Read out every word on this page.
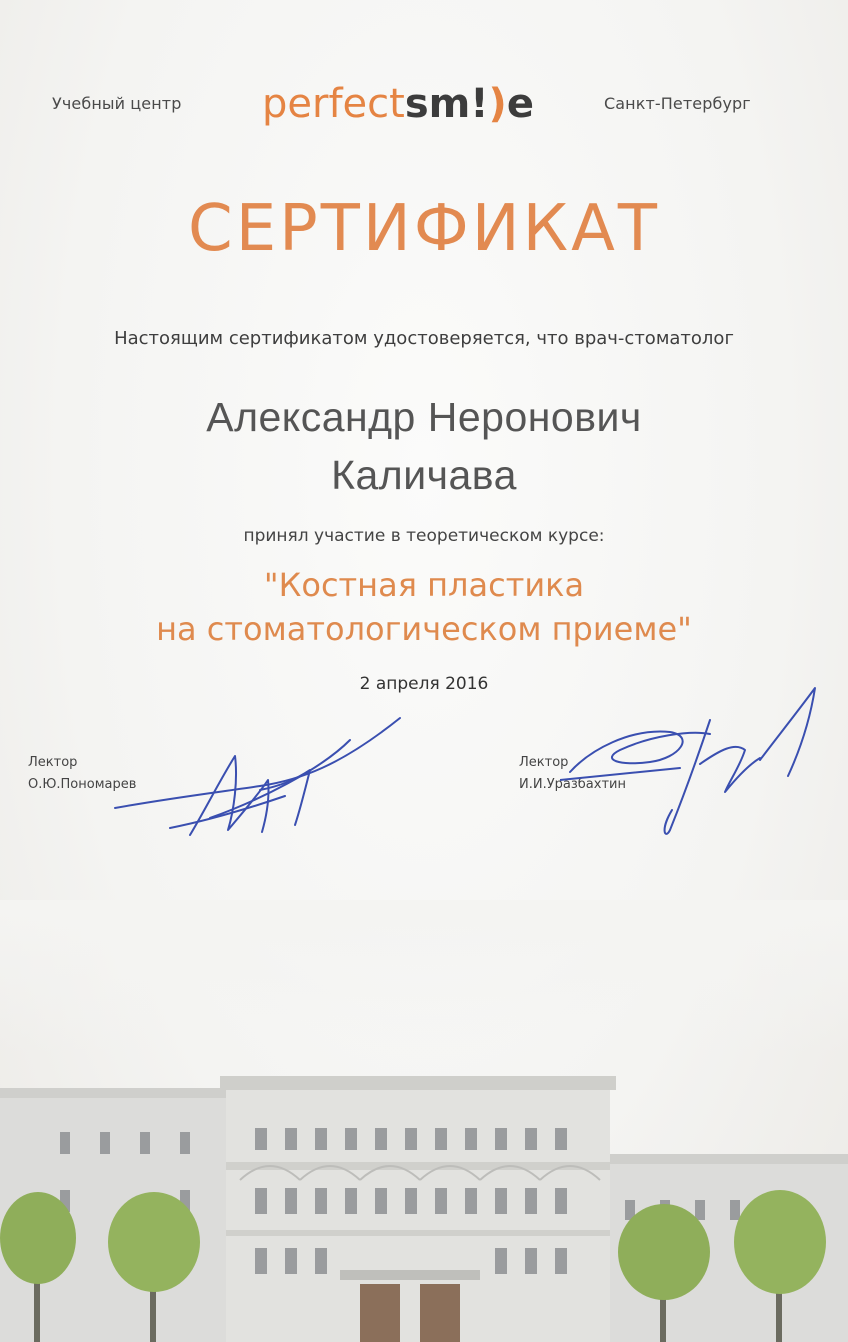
Учебный центр perfectsm!)e	Санкт-Петербург
СЕРТИФИКАТ
Настоящим сертификатом удостоверяется, что врач-стоматолог
Александр Неронович
Каличава
принял участие в теоретическом курсе:
"Костная пластика
на стоматологическом приеме"
2 апреля 2016
Лектор
О.Ю.Пономарев
Лектор
И.И.Уразбахтин
